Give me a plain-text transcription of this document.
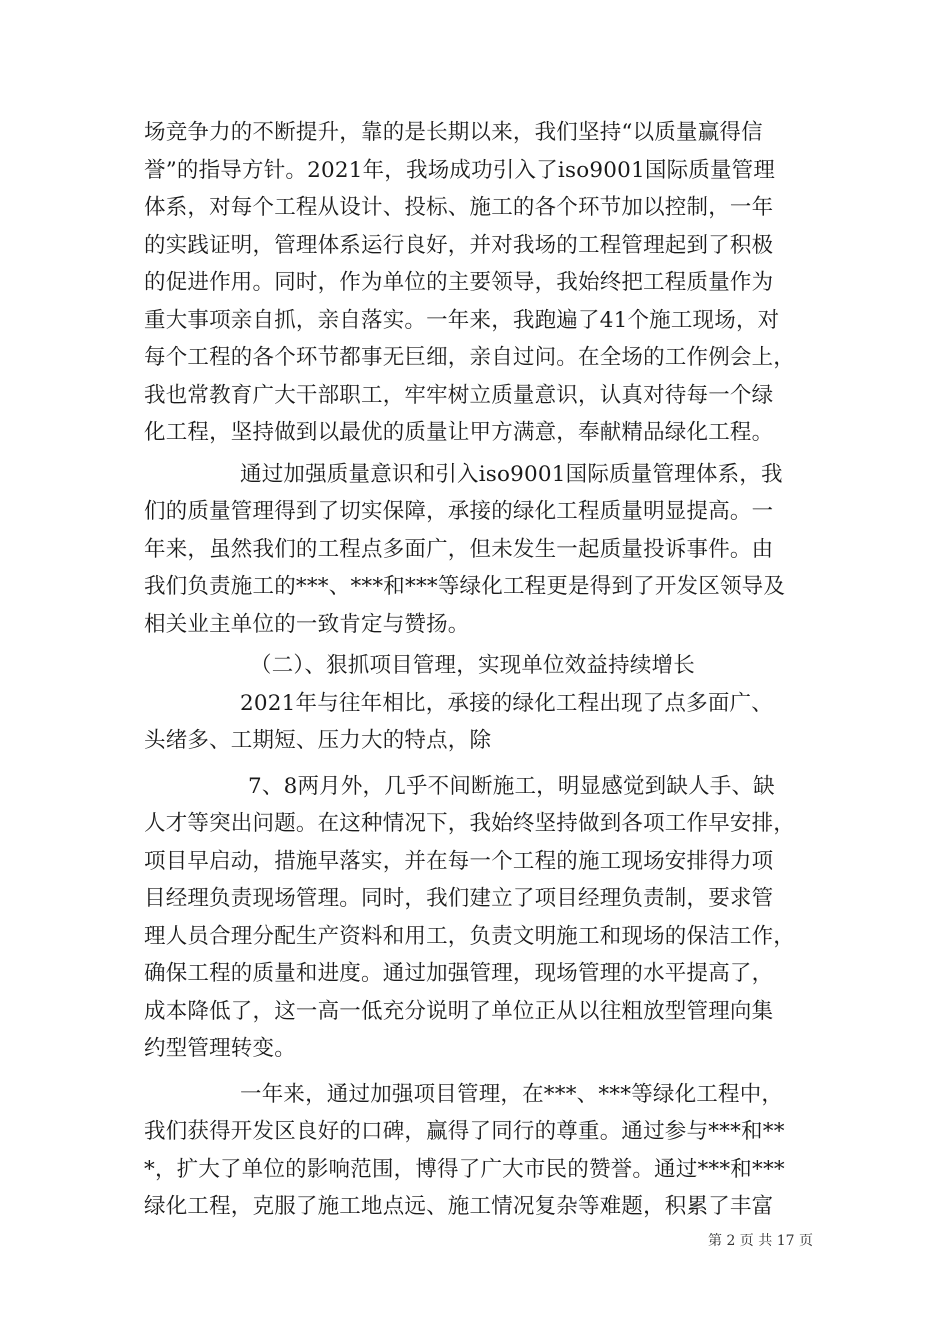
场竞争力的不断提升，靠的是长期以来，我们坚持“以质量赢得信
誉”的指导方针。2021年，我场成功引入了iso9001国际质量管理
体系，对每个工程从设计、投标、施工的各个环节加以控制，一年
的实践证明，管理体系运行良好，并对我场的工程管理起到了积极
的促进作用。同时，作为单位的主要领导，我始终把工程质量作为
重大事项亲自抓，亲自落实。一年来，我跑遍了41个施工现场，对
每个工程的各个环节都事无巨细，亲自过问。在全场的工作例会上，
我也常教育广大干部职工，牢牢树立质量意识，认真对待每一个绿
化工程，坚持做到以最优的质量让甲方满意，奉献精品绿化工程。
通过加强质量意识和引入iso9001国际质量管理体系，我
们的质量管理得到了切实保障，承接的绿化工程质量明显提高。一
年来，虽然我们的工程点多面广，但未发生一起质量投诉事件。由
我们负责施工的***、***和***等绿化工程更是得到了开发区领导及
相关业主单位的一致肯定与赞扬。
（二）、狠抓项目管理，实现单位效益持续增长
2021年与往年相比，承接的绿化工程出现了点多面广、
头绪多、工期短、压力大的特点，除
7、8两月外，几乎不间断施工，明显感觉到缺人手、缺
人才等突出问题。在这种情况下，我始终坚持做到各项工作早安排，
项目早启动，措施早落实，并在每一个工程的施工现场安排得力项
目经理负责现场管理。同时，我们建立了项目经理负责制，要求管
理人员合理分配生产资料和用工，负责文明施工和现场的保洁工作，
确保工程的质量和进度。通过加强管理，现场管理的水平提高了，
成本降低了，这一高一低充分说明了单位正从以往粗放型管理向集
约型管理转变。
一年来，通过加强项目管理，在***、***等绿化工程中，
我们获得开发区良好的口碑，赢得了同行的尊重。通过参与***和**
*，扩大了单位的影响范围，博得了广大市民的赞誉。通过***和***
绿化工程，克服了施工地点远、施工情况复杂等难题，积累了丰富
第 2 页 共 17 页
